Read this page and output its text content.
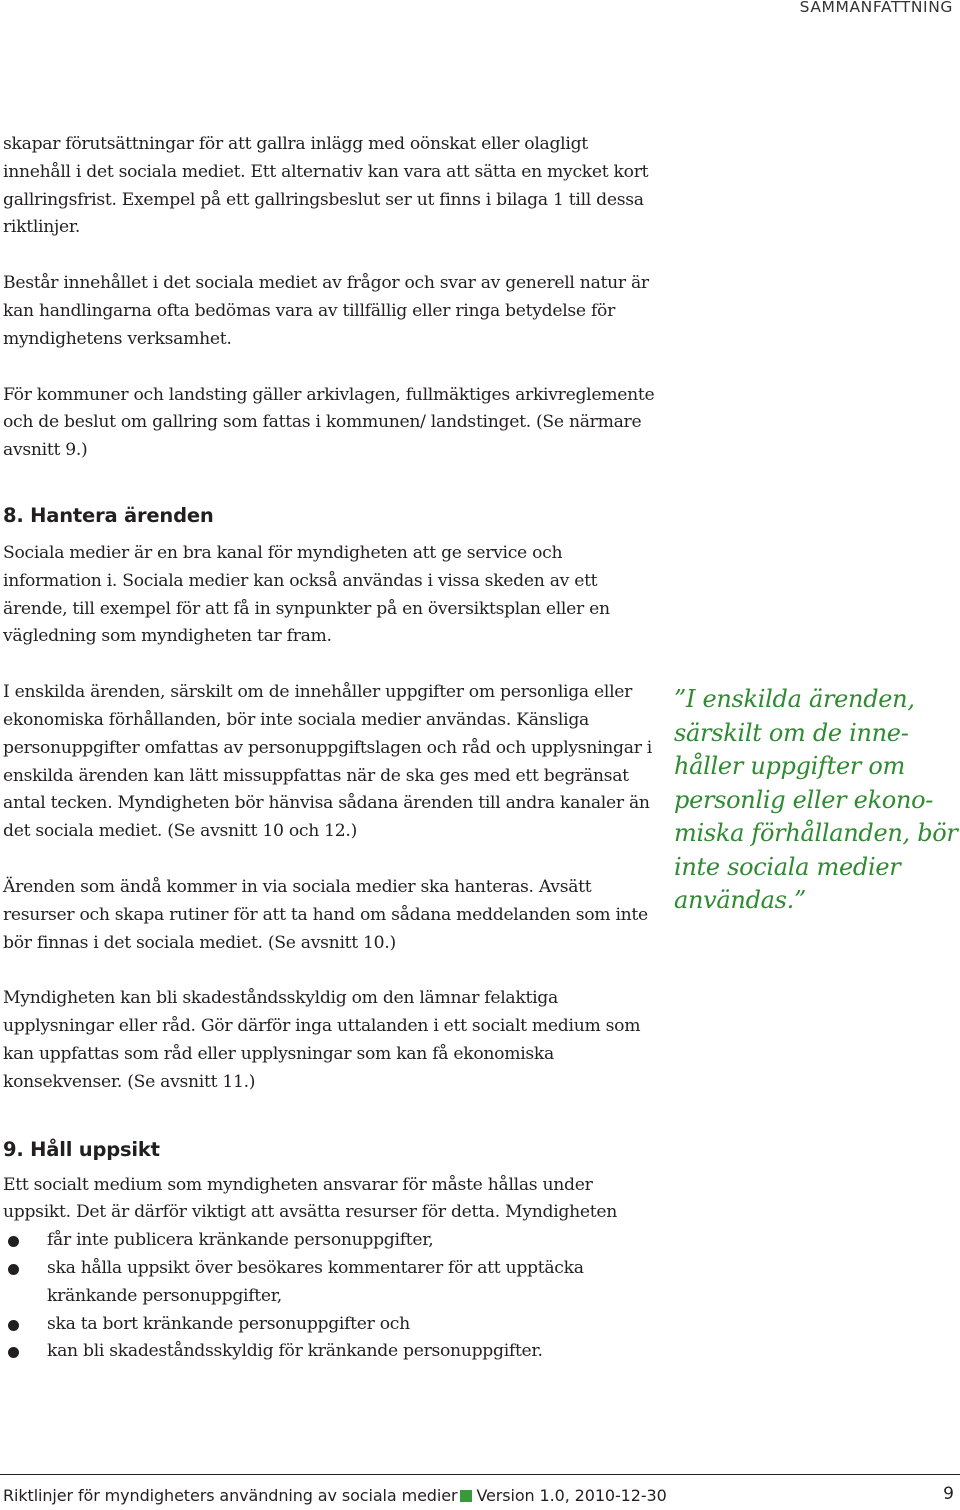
SAMMANFATTNING

skapar förutsättningar för att gallra inlägg med oönskat eller olagligt innehåll i det sociala mediet. Ett alternativ kan vara att sätta en mycket kort gallringsfrist. Exempel på ett gallringsbeslut ser ut finns i bilaga 1 till dessa riktlinjer.

Består innehållet i det sociala mediet av frågor och svar av generell natur är kan handlingarna ofta bedömas vara av tillfällig eller ringa betydelse för myndighetens verksamhet.

För kommuner och landsting gäller arkivlagen, fullmäktiges arkivreglemente och de beslut om gallring som fattas i kommunen/ landstinget. (Se närmare avsnitt 9.)

8. Hantera ärenden

Sociala medier är en bra kanal för myndigheten att ge service och information i. Sociala medier kan också användas i vissa skeden av ett ärende, till exempel för att få in synpunkter på en översiktsplan eller en vägledning som myndigheten tar fram.

I enskilda ärenden, särskilt om de innehåller uppgifter om personliga eller ekonomiska förhållanden, bör inte sociala medier användas. Känsliga personuppgifter omfattas av personuppgiftslagen och råd och upplysningar i enskilda ärenden kan lätt missuppfattas när de ska ges med ett begränsat antal tecken. Myndigheten bör hänvisa sådana ärenden till andra kanaler än det sociala mediet. (Se avsnitt 10 och 12.)

Ärenden som ändå kommer in via sociala medier ska hanteras. Avsätt resurser och skapa rutiner för att ta hand om sådana meddelanden som inte bör finnas i det sociala mediet. (Se avsnitt 10.)

Myndigheten kan bli skadeståndsskyldig om den lämnar felaktiga upplysningar eller råd. Gör därför inga uttalanden i ett socialt medium som kan uppfattas som råd eller upplysningar som kan få ekonomiska konsekvenser. (Se avsnitt 11.)

9. Håll uppsikt

Ett socialt medium som myndigheten ansvarar för måste hållas under uppsikt. Det är därför viktigt att avsätta resurser för detta. Myndigheten

får inte publicera kränkande personuppgifter,
ska hålla uppsikt över besökares kommentarer för att upptäcka kränkande personuppgifter,
ska ta bort kränkande personuppgifter och
kan bli skadeståndsskyldig för kränkande personuppgifter.

”I enskilda ärenden, särskilt om de innehåller uppgifter om personlig eller ekonomiska förhållanden, bör inte sociala medier användas.”

Riktlinjer för myndigheters användning av sociala medier Version 1.0, 2010-12-30	9
